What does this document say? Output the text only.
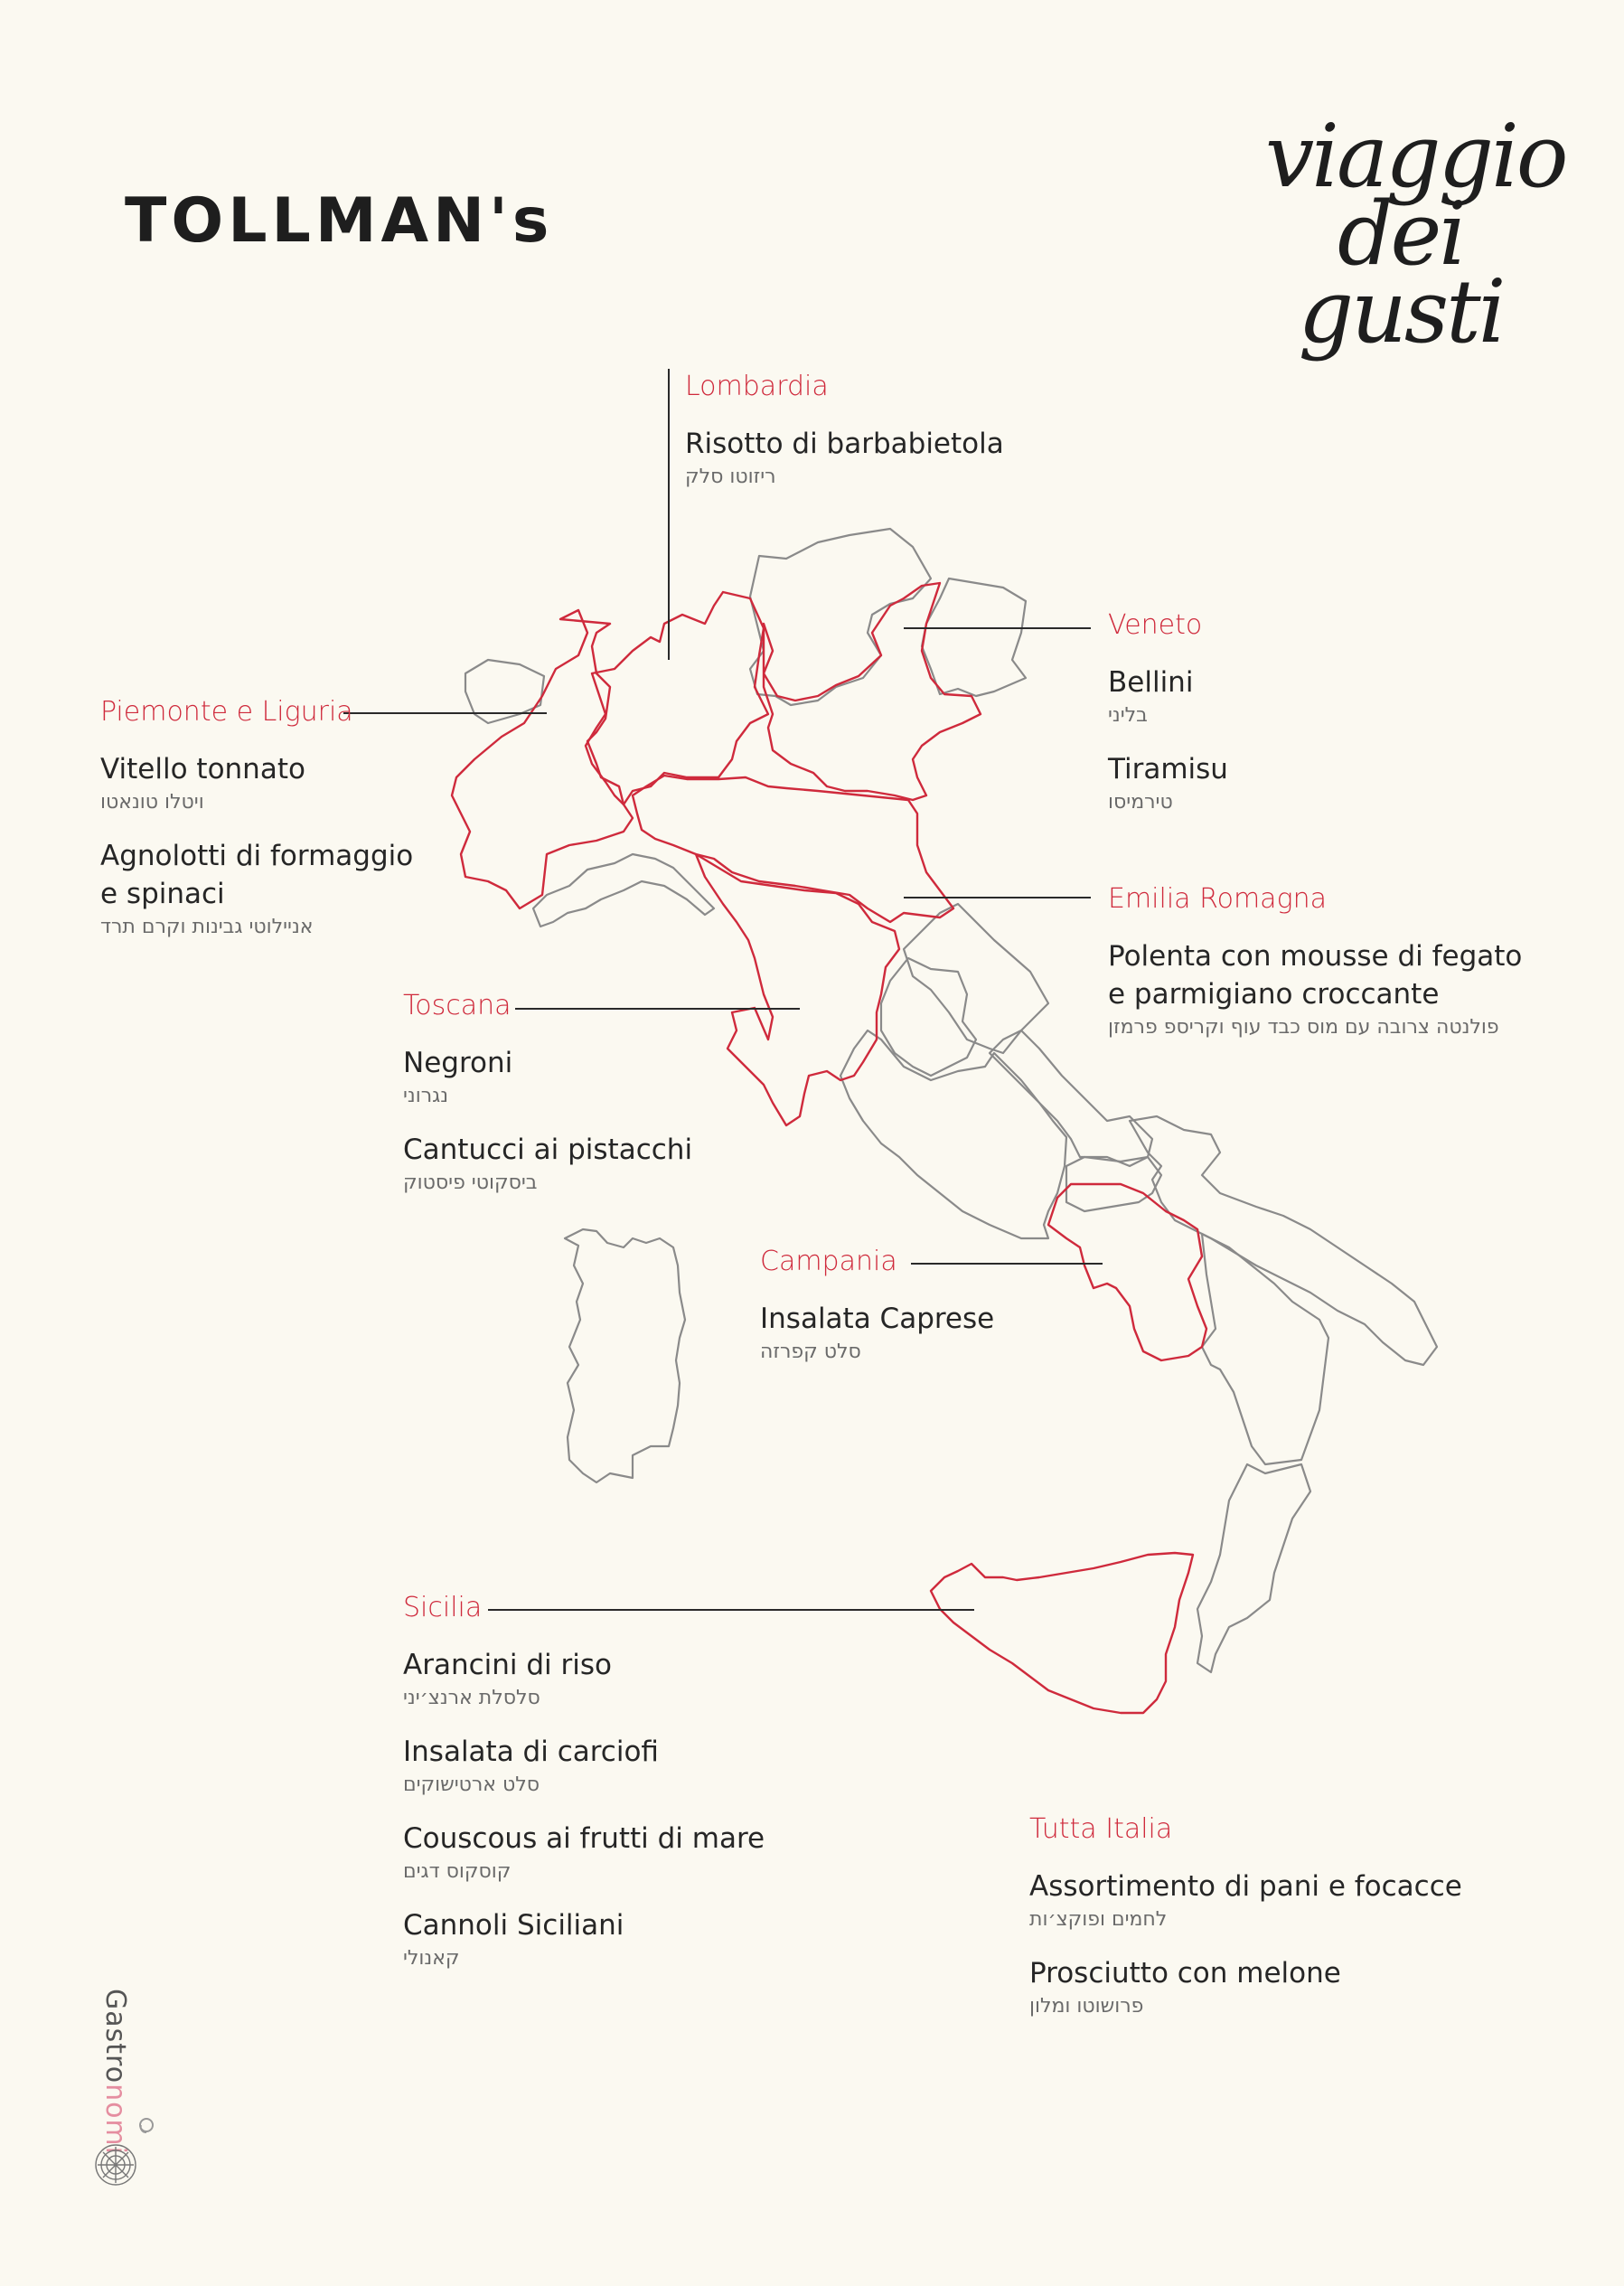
TOLLMAN's
viaggio
dei
gusti
Lombardia
Risotto di barbabietola
ריזוטו סלק
Piemonte e Liguria
Vitello tonnato
ויטלו טונאטו
Agnolotti di formaggio e spinaci
אניילוטי גבינות וקרם תרד
Veneto
Bellini
בליני
Tiramisu
טירמיסו
Emilia Romagna
Polenta con mousse di fegato e parmigiano croccante
פולנטה צרובה עם מוס כבד עוף וקריספ פרמזן
Toscana
Negroni
נגרוני
Cantucci ai pistacchi
ביסקוטי פיסטוק
Campania
Insalata Caprese
סלט קפרזה
Sicilia
Arancini di riso
סלסלת ארנצ׳יני
Insalata di carciofi
סלט ארטישוקים
Couscous ai frutti di mare
קוסקוס דגים
Cannoli Siciliani
קאנולי
Tutta Italia
Assortimento di pani e focacce
לחמים ופוקצ׳ות
Prosciutto con melone
פרושוטו ומלון
Gastronomi
